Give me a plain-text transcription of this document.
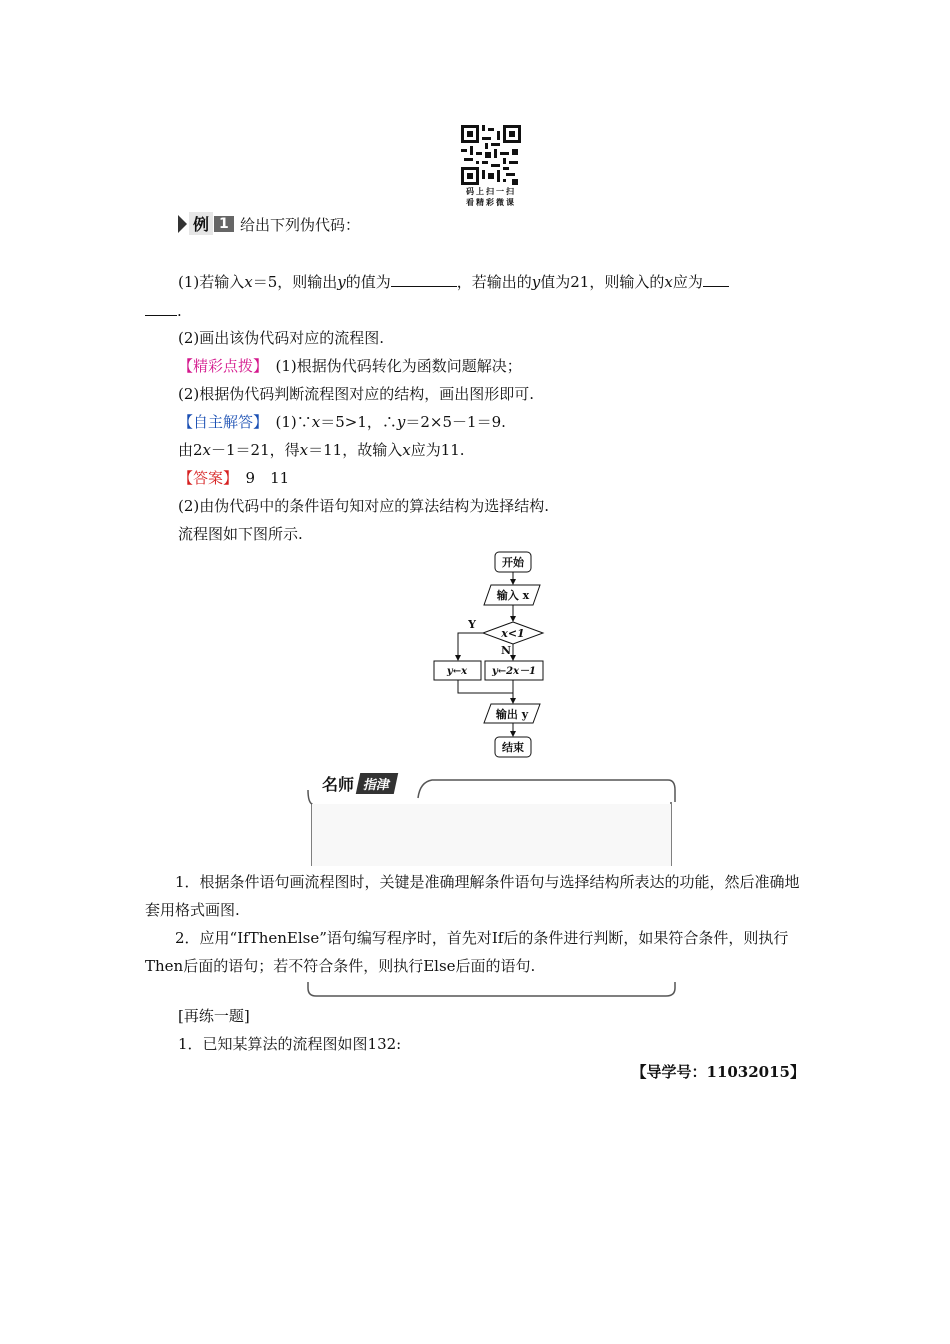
码上扫一扫
看精彩微课
例 1 给出下列伪代码：
(1)若输入x＝5，则输出y的值为	，若输出的y值为21，则输入的x应为
.
(2)画出该伪代码对应的流程图.
【精彩点拨】　 (1)根据伪代码转化为函数问题解决；
(2)根据伪代码判断流程图对应的结构，画出图形即可.
【自主解答】　 (1)∵x＝5>1，∴y＝2×5－1＝9.
由2x－1＝21，得x＝11，故输入x应为11.
【答案】　 9　11
(2)由伪代码中的条件语句知对应的算法结构为选择结构.
流程图如下图所示.
开始
输入 x
x<1
Y
N
y←x y←2x－1
输出 y
结束
名师 指津
1．根据条件语句画流程图时，关键是准确理解条件语句与选择结构所表达的功能，然后准确地套用格式画图.
2．应用“IfThenElse”语句编写程序时，首先对If后的条件进行判断，如果符合条件，则执行Then后面的语句；若不符合条件，则执行Else后面的语句.
[再练一题]
1．已知某算法的流程图如图132:
【导学号：11032015】
